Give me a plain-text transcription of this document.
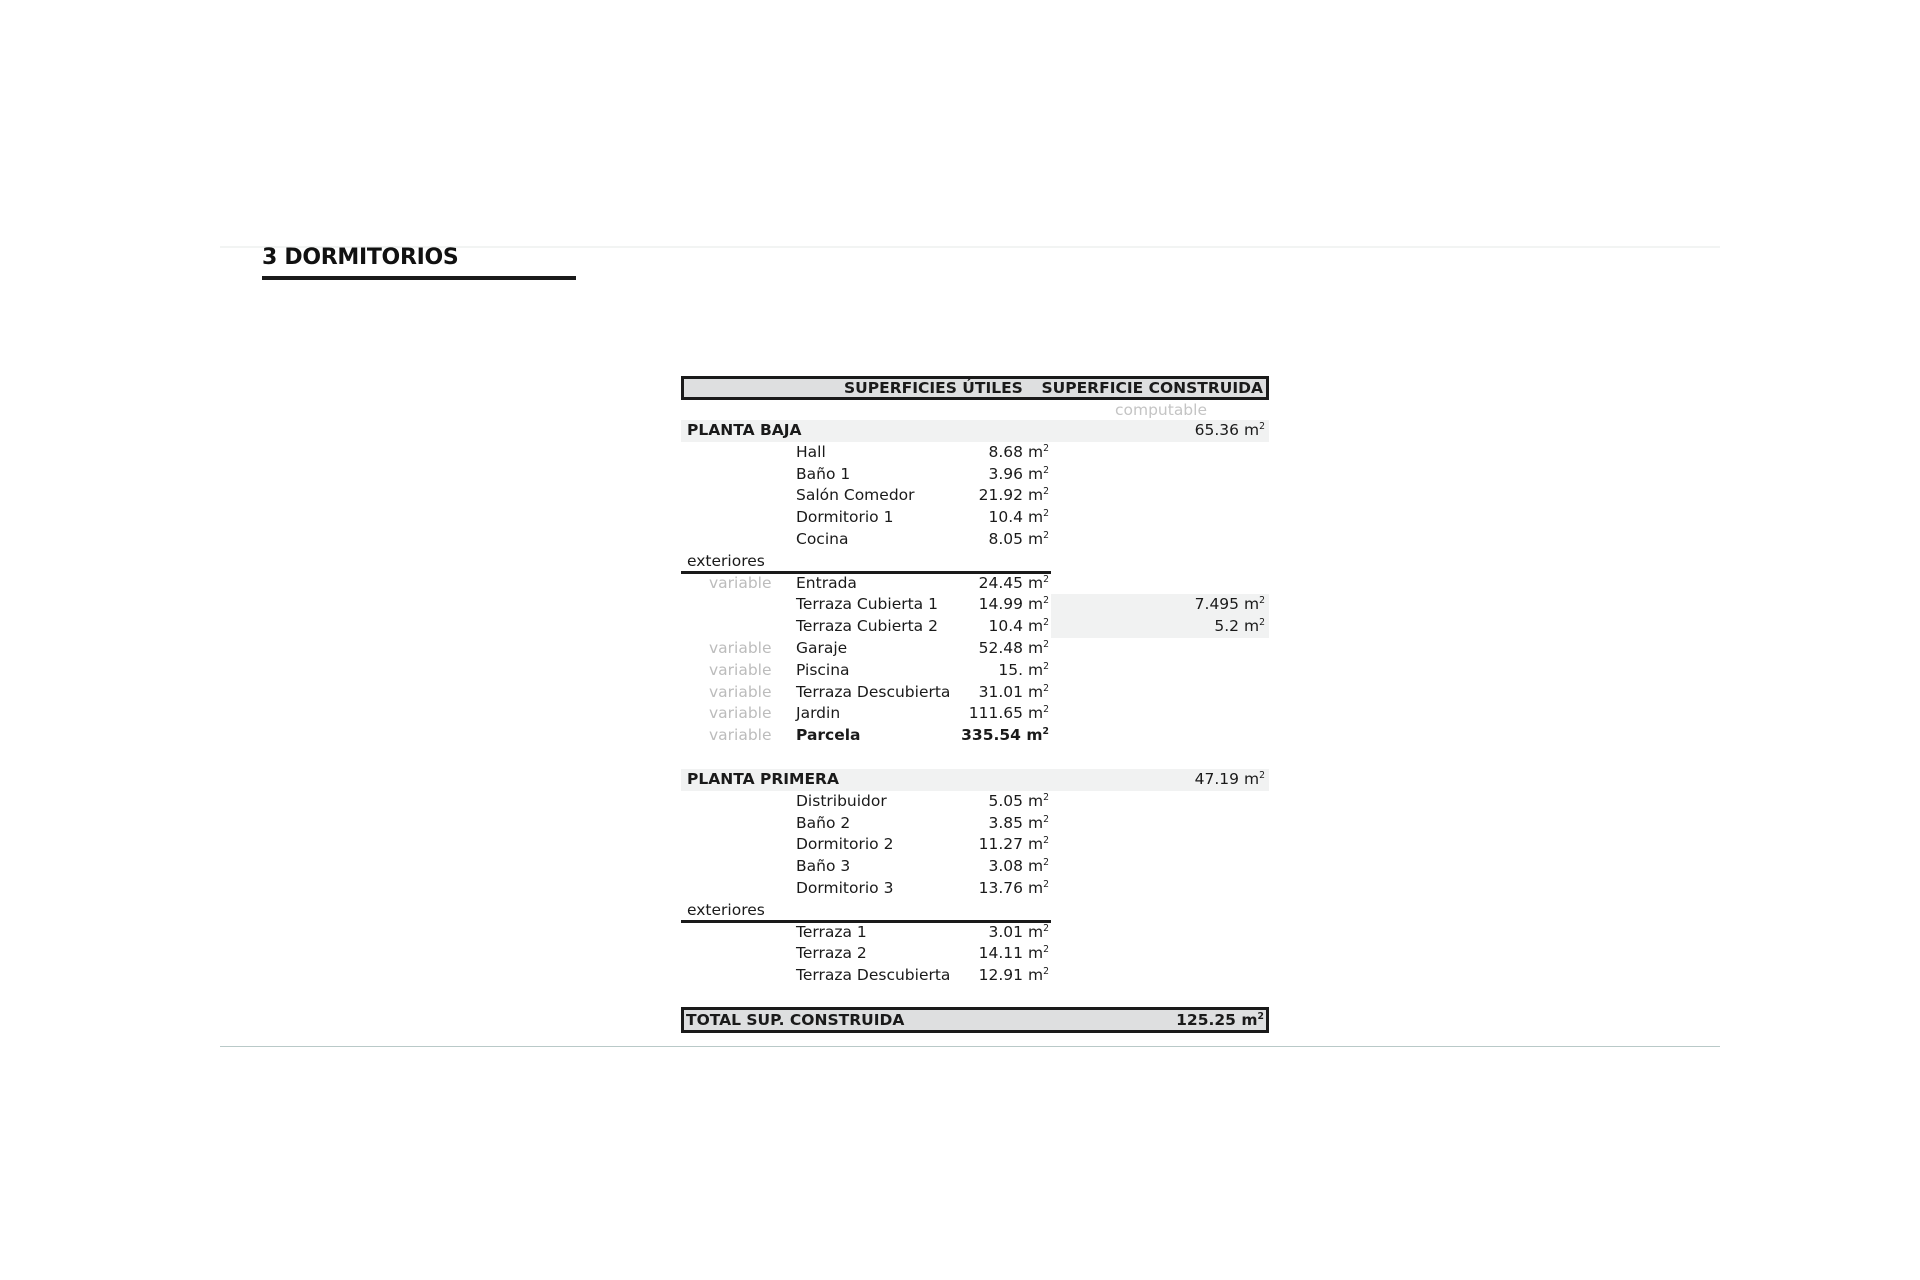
3 DORMITORIOS
SUPERFICIES ÚTILES SUPERFICIE CONSTRUIDA
computable
PLANTA BAJA	65.36 $m^2$
Hall	8.68 $m^2$
Baño 1	3.96 $m^2$
Salón Comedor	21.92 $m^2$
Dormitorio 1	10.4 $m^2$
Cocina	8.05 $m^2$
exteriores
variable Entrada	24.45 $m^2$
Terraza Cubierta 1	14.99 $m^2$	7.495 $m^2$
Terraza Cubierta 2	10.4 $m^2$	5.2 $m^2$
variable Garaje	52.48 $m^2$
variable Piscina	15. $m^2$
variable Terraza Descubierta 31.01 $m^2$
variable Jardin	111.65 $m^2$
variable Parcela	335.54 $m^2$
PLANTA PRIMERA	47.19 $m^2$
Distribuidor	5.05 $m^2$
Baño 2	3.85 $m^2$
Dormitorio 2	11.27 $m^2$
Baño 3	3.08 $m^2$
Dormitorio 3	13.76 $m^2$
exteriores
Terraza 1	3.01 $m^2$
Terraza 2	14.11 $m^2$
Terraza Descubierta 12.91 $m^2$
TOTAL SUP. CONSTRUIDA	125.25 $m^2$
